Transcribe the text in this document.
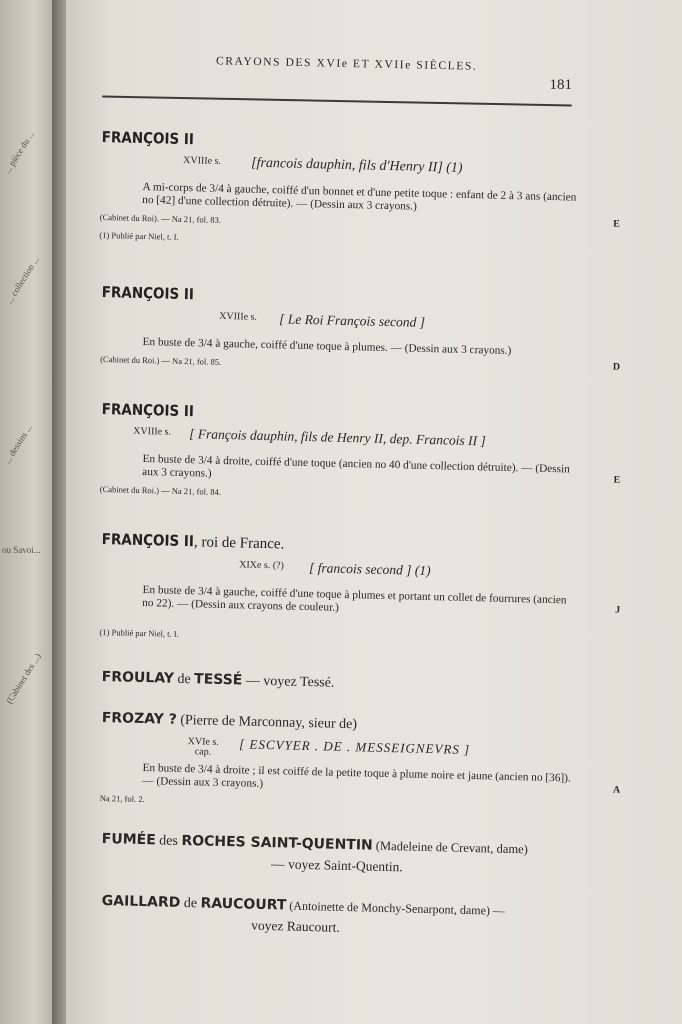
... pièce du ...
... collection ...
... dessins ...
(Cabinet des ...)
ou Savoi...
CRAYONS DES XVIe ET XVIIe SIÈCLES.
181
FRANÇOIS II
XVIIIe s. [francois dauphin, fils d'Henry II] (1)
A mi-corps de 3/4 à gauche, coiffé d'un bonnet et d'une petite toque : enfant de 2 à 3 ans (ancien no [42] d'une collection détruite). — (Dessin aux 3 crayons.)
E
(Cabinet du Roi). — Na 21, fol. 83.
(1) Publié par Niel, t. I.
FRANÇOIS II
XVIIIe s. [ Le Roi François second ]
En buste de 3/4 à gauche, coiffé d'une toque à plumes. — (Dessin aux 3 crayons.)
D
(Cabinet du Roi.) — Na 21, fol. 85.
FRANÇOIS II
XVIIIe s. [ François dauphin, fils de Henry II, dep. Francois II ]
En buste de 3/4 à droite, coiffé d'une toque (ancien no 40 d'une collection détruite). — (Dessin aux 3 crayons.)
E
(Cabinet du Roi.) — Na 21, fol. 84.
FRANÇOIS II, roi de France.
XIXe s. (?) [ francois second ] (1)
En buste de 3/4 à gauche, coiffé d'une toque à plumes et portant un collet de fourrures (ancien no 22). — (Dessin aux crayons de couleur.)	J
(1) Publié par Niel, t. I.
FROULAY de TESSÉ — voyez Tessé.
FROZAY ? (Pierre de Marconnay, sieur de)
XVIe s. cap.	[ ESCVYER . DE . MESSEIGNEVRS ]
En buste de 3/4 à droite ; il est coiffé de la petite toque à plume noire et jaune (ancien no [36]). — (Dessin aux 3 crayons.)
A
Na 21, fol. 2.
FUMÉE des ROCHES SAINT-QUENTIN (Madeleine de Crevant, dame)
— voyez Saint-Quentin.
GAILLARD de RAUCOURT (Antoinette de Monchy-Senarpont, dame) —
voyez Raucourt.
